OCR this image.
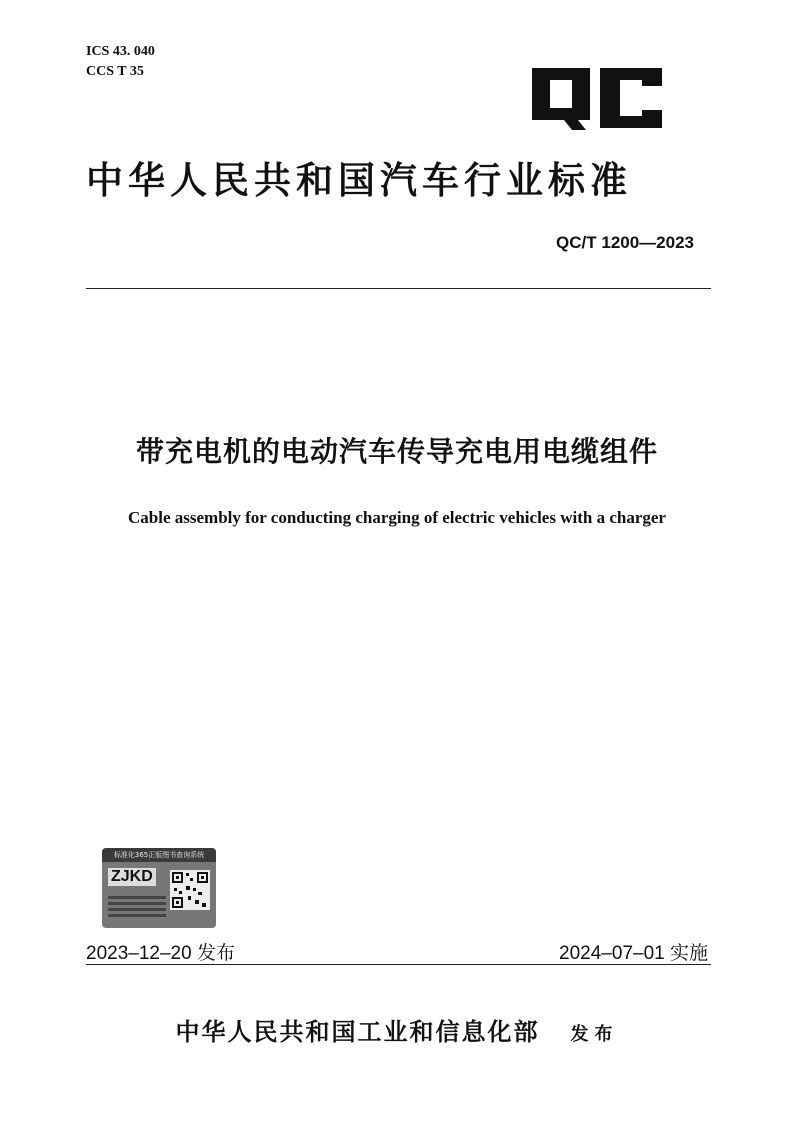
ICS 43. 040
CCS T 35
中华人民共和国汽车行业标准
QC/T 1200—2023
带充电机的电动汽车传导充电用电缆组件
Cable assembly for conducting charging of electric vehicles with a charger
标准化365正版图书查询系统
ZJKD
2023–12–20 发布	2024–07–01 实施
中华人民共和国工业和信息化部 发布
